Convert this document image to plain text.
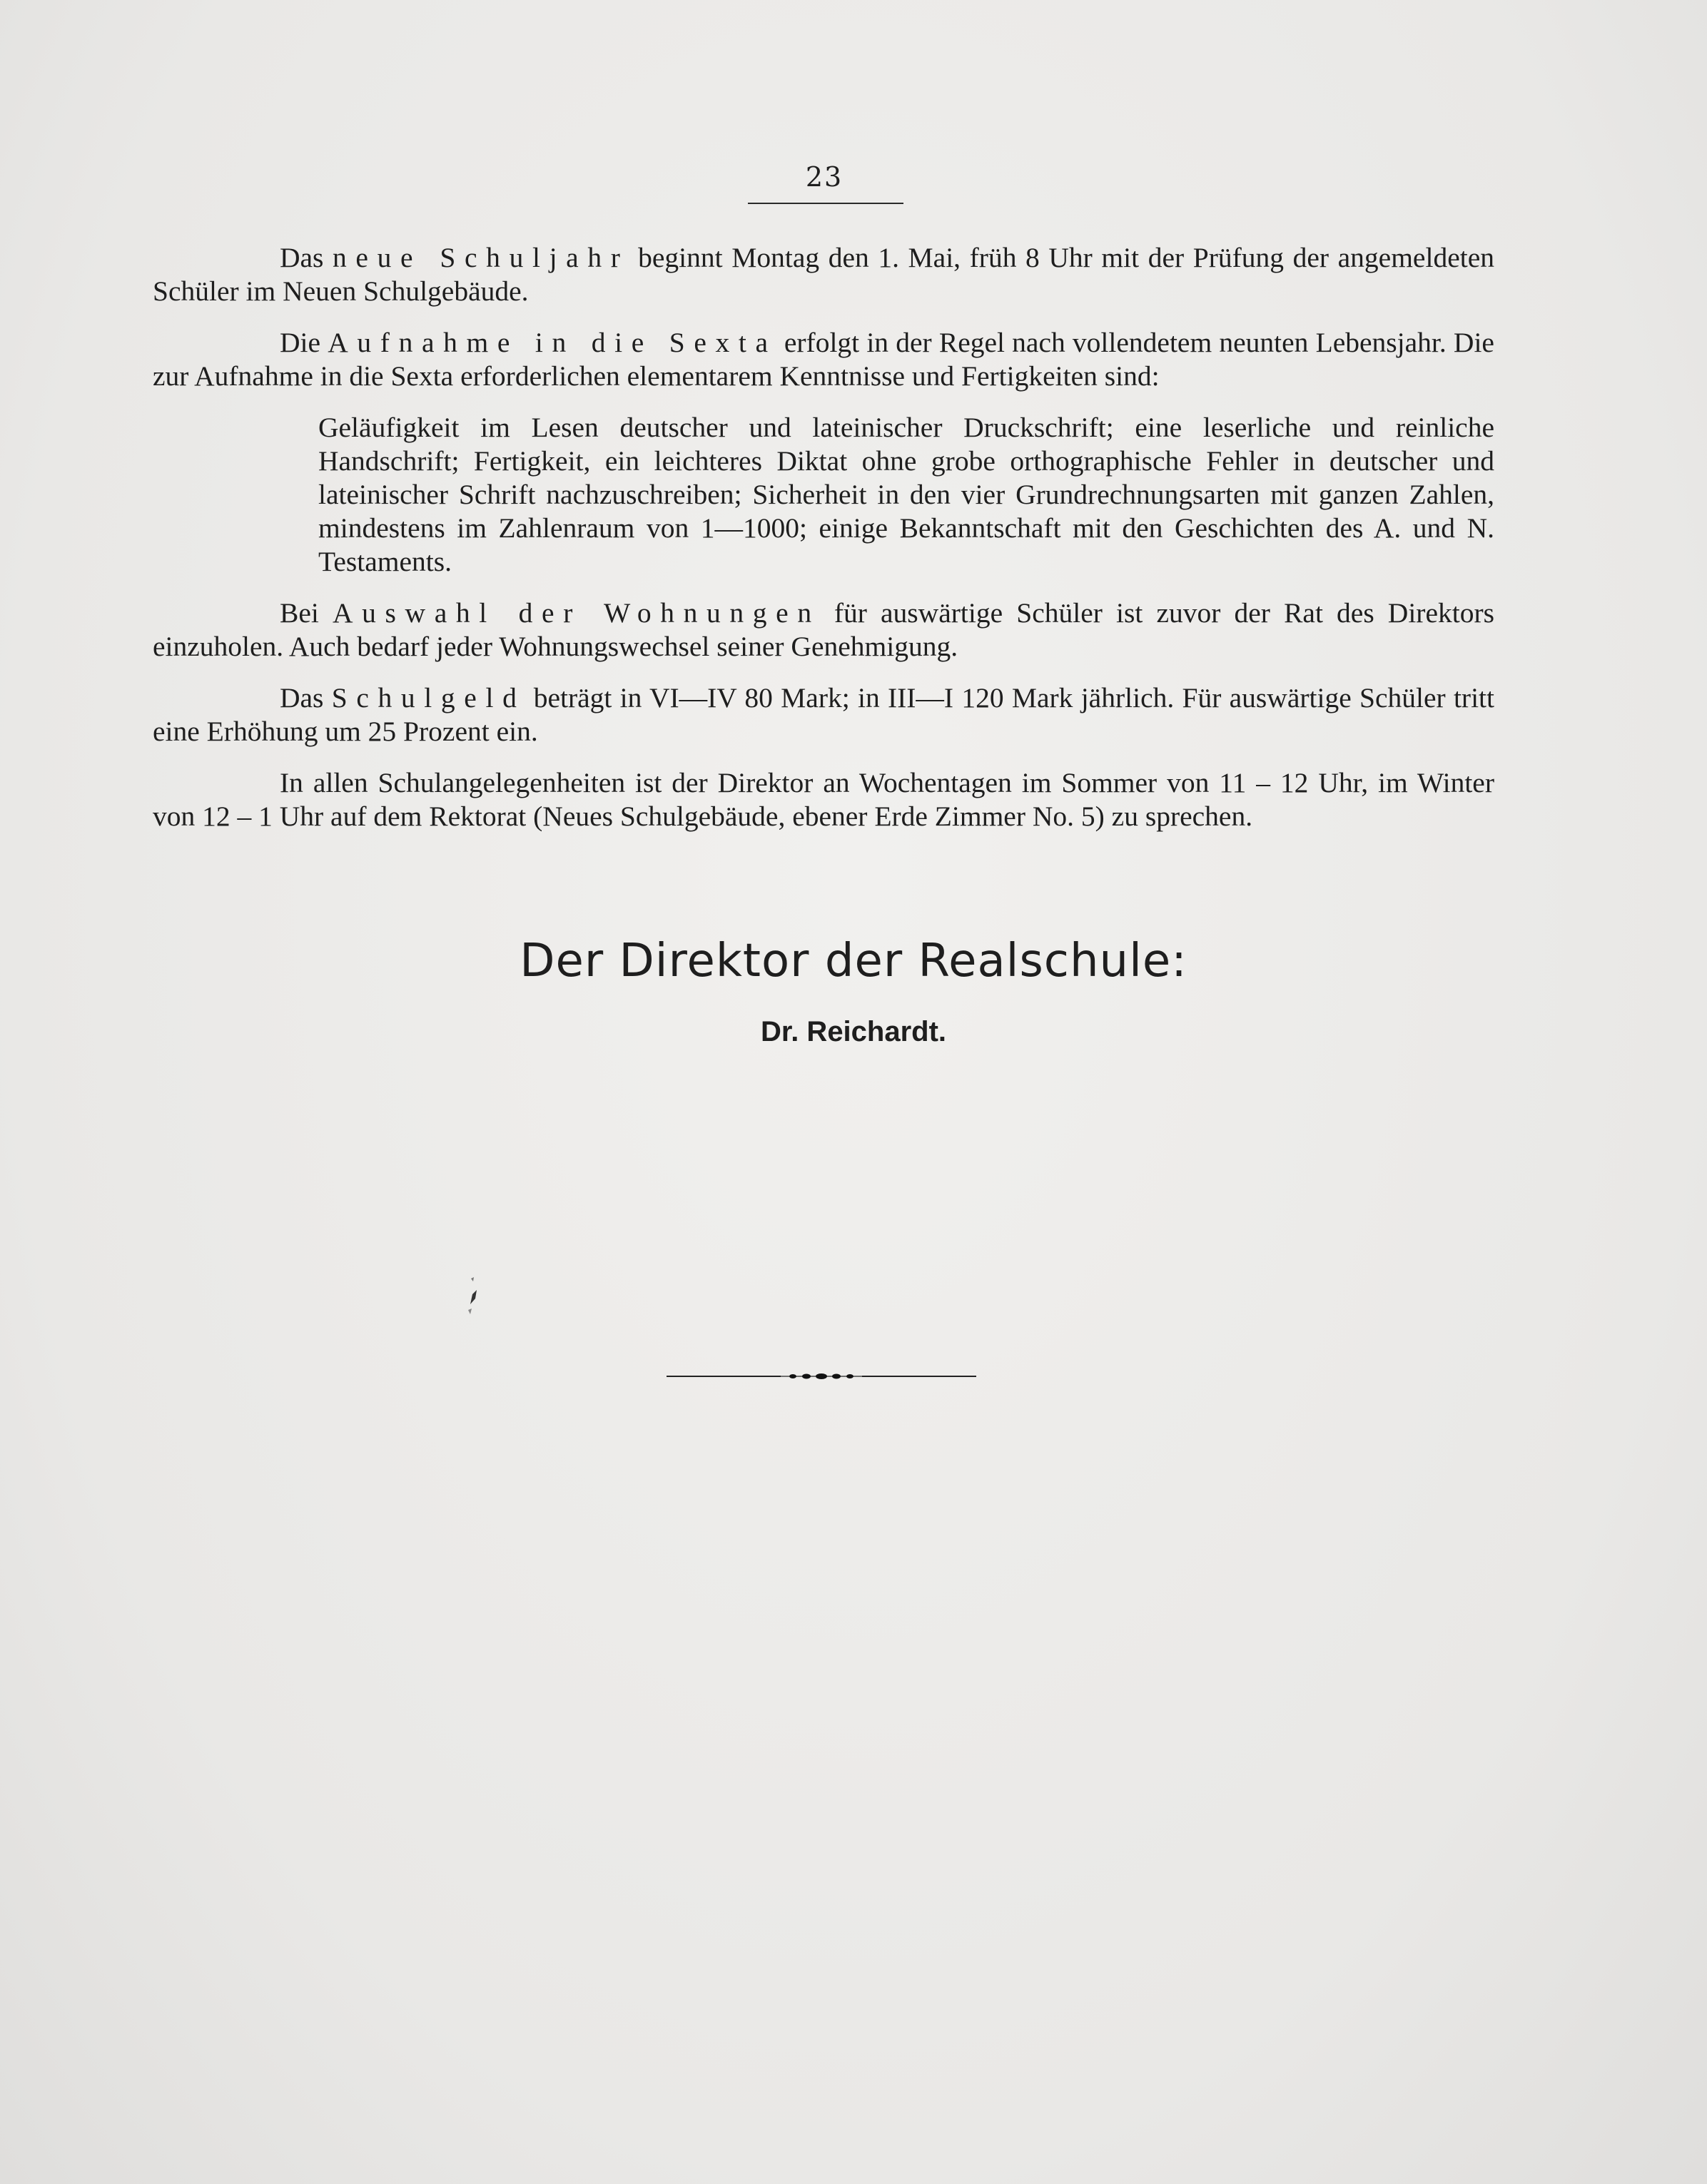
23

Das neue Schuljahr beginnt Montag den 1. Mai, früh 8 Uhr mit der Prüfung der angemeldeten Schüler im Neuen Schulgebäude.

Die Aufnahme in die Sexta erfolgt in der Regel nach vollendetem neunten Lebensjahr. Die zur Aufnahme in die Sexta erforderlichen elementarem Kenntnisse und Fertigkeiten sind:

Geläufigkeit im Lesen deutscher und lateinischer Druckschrift; eine leserliche und reinliche Handschrift; Fertigkeit, ein leichteres Diktat ohne grobe orthographische Fehler in deutscher und lateinischer Schrift nachzuschreiben; Sicherheit in den vier Grundrechnungsarten mit ganzen Zahlen, mindestens im Zahlenraum von 1—1000; einige Bekanntschaft mit den Geschichten des A. und N. Testaments.

Bei Auswahl der Wohnungen für auswärtige Schüler ist zuvor der Rat des Direktors einzuholen. Auch bedarf jeder Wohnungswechsel seiner Genehmigung.

Das Schulgeld beträgt in VI—IV 80 Mark; in III—I 120 Mark jährlich. Für auswärtige Schüler tritt eine Erhöhung um 25 Prozent ein.

In allen Schulangelegenheiten ist der Direktor an Wochentagen im Sommer von 11 – 12 Uhr, im Winter von 12 – 1 Uhr auf dem Rektorat (Neues Schulgebäude, ebener Erde Zimmer No. 5) zu sprechen.

Der Direktor der Realschule:
Dr. Reichardt.
